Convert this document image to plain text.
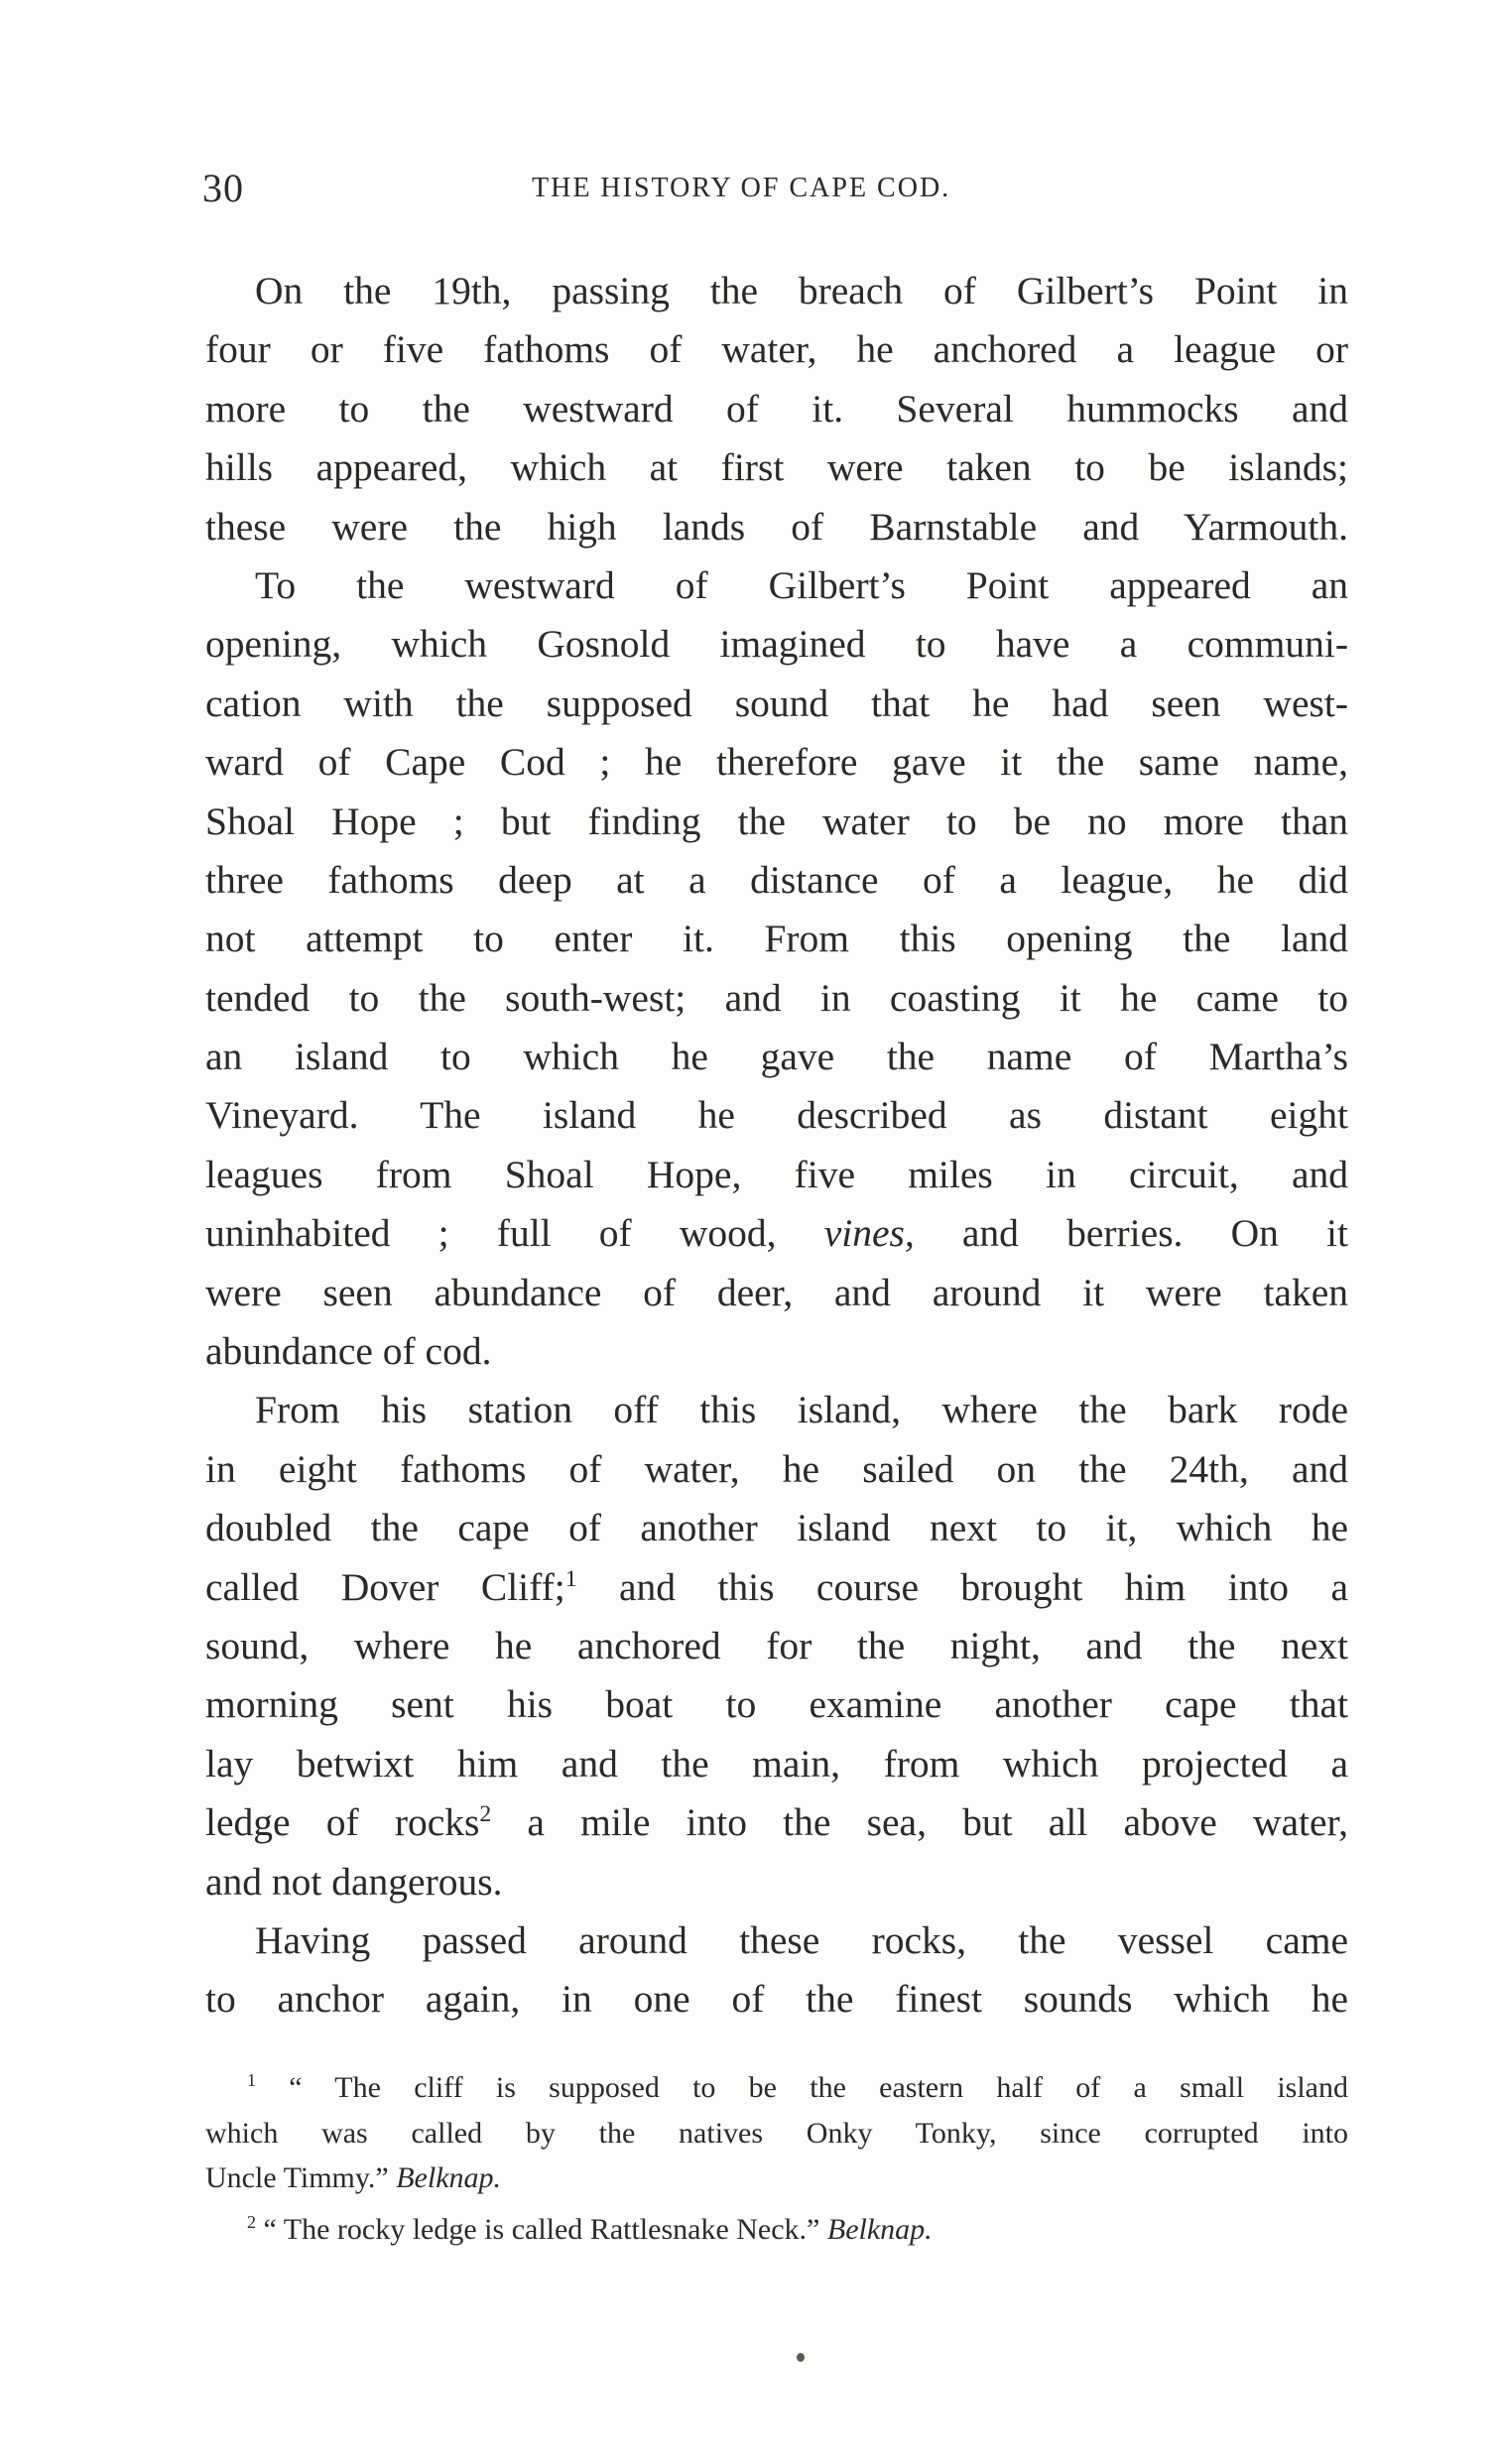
30	THE HISTORY OF CAPE COD.
On the 19th, passing the breach of Gilbert’s Point in
four or five fathoms of water, he anchored a league or
more to the westward of it. Several hummocks and
hills appeared, which at first were taken to be islands;
these were the high lands of Barnstable and Yarmouth.
To the westward of Gilbert’s Point appeared an
opening, which Gosnold imagined to have a communi-
cation with the supposed sound that he had seen west-
ward of Cape Cod ; he therefore gave it the same name,
Shoal Hope ; but finding the water to be no more than
three fathoms deep at a distance of a league, he did
not attempt to enter it. From this opening the land
tended to the south-west; and in coasting it he came to
an island to which he gave the name of Martha’s
Vineyard. The island he described as distant eight
leagues from Shoal Hope, five miles in circuit, and
uninhabited ; full of wood, vines, and berries. On it
were seen abundance of deer, and around it were taken
abundance of cod.
From his station off this island, where the bark rode
in eight fathoms of water, he sailed on the 24th, and
doubled the cape of another island next to it, which he
called Dover Cliff;$^1$ and this course brought him into a
sound, where he anchored for the night, and the next
morning sent his boat to examine another cape that
lay betwixt him and the main, from which projected a
ledge of rocks$^2$ a mile into the sea, but all above water,
and not dangerous.
Having passed around these rocks, the vessel came
to anchor again, in one of the finest sounds which he
$^1$ “ The cliff is supposed to be the eastern half of a small island
which was called by the natives Onky Tonky, since corrupted into
Uncle Timmy.” Belknap.
$^2$ “ The rocky ledge is called Rattlesnake Neck.” Belknap.
